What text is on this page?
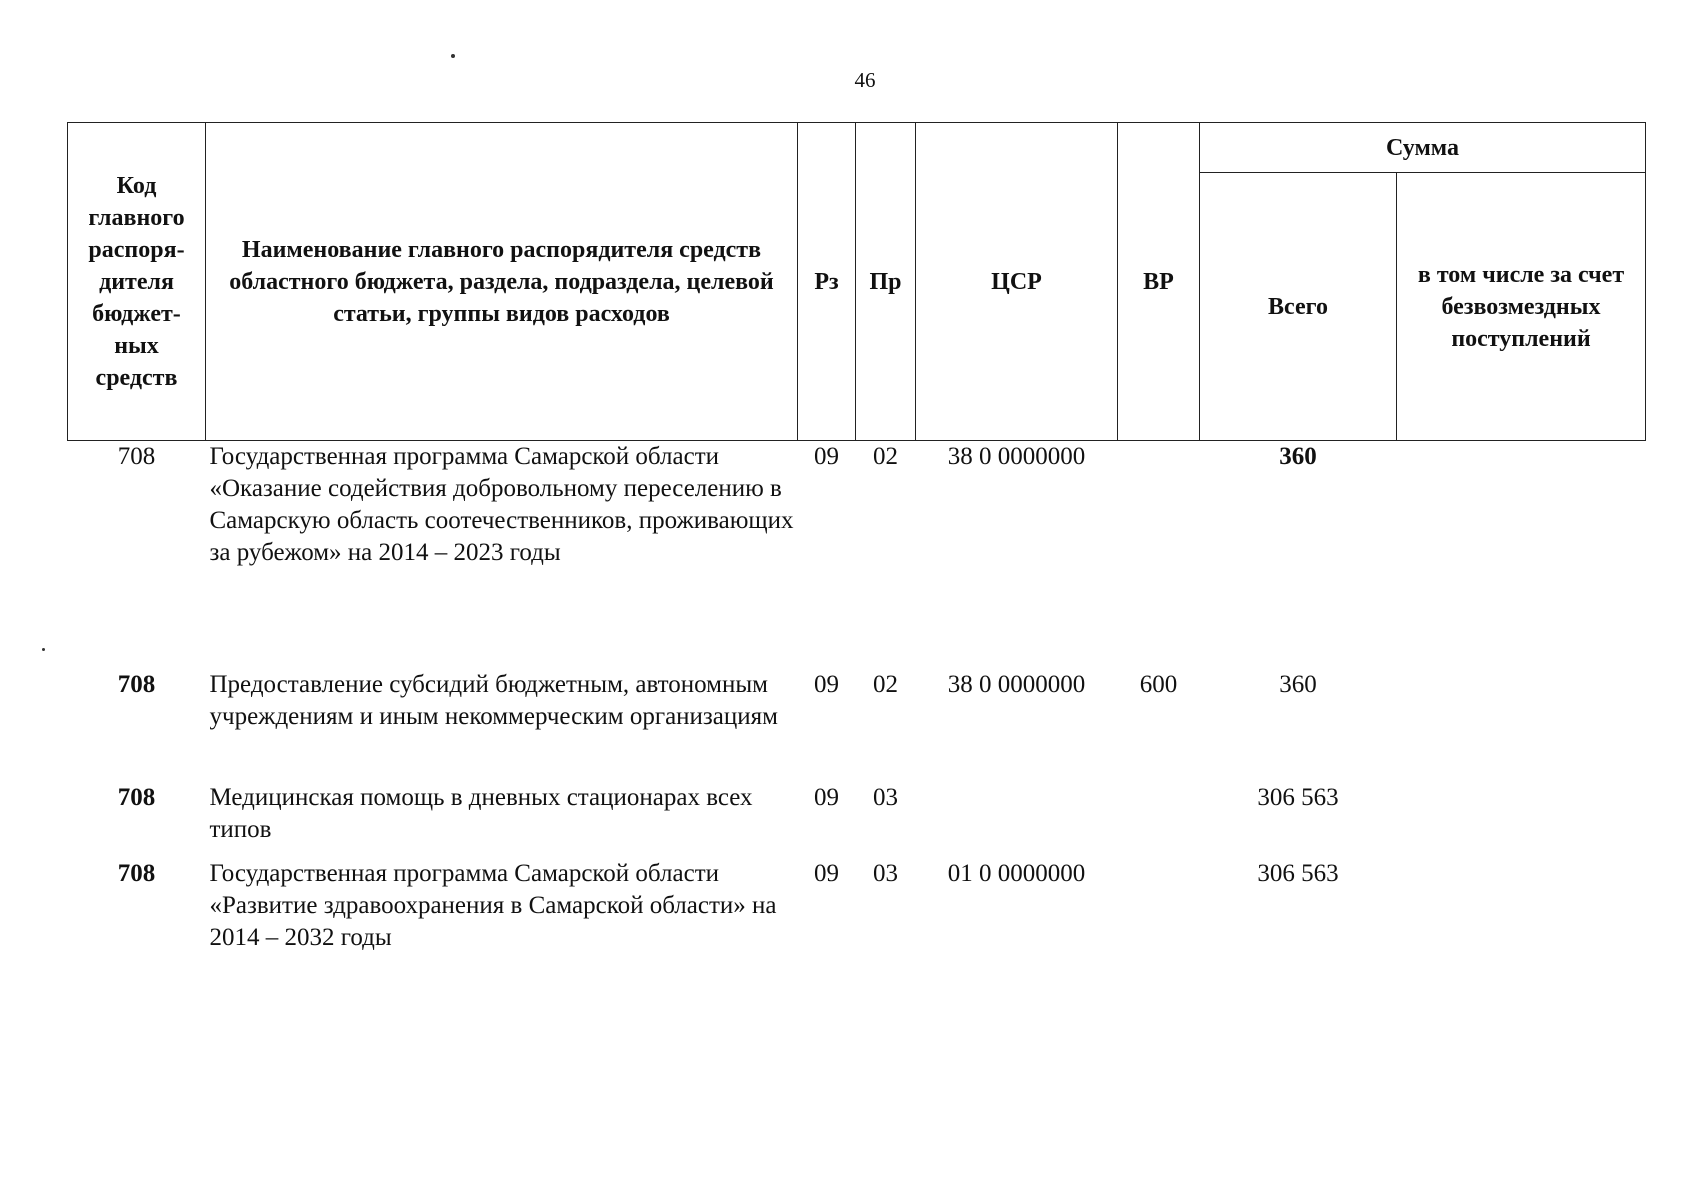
46
Код главного распоря-дителя бюджет-ных средств	Наименование главного распорядителя средств областного бюджета, раздела, подраздела, целевой статьи, группы видов расходов	Рз	Пр	ЦСР	ВР	Сумма	
						Всего	в том числе за счет безвозмездных поступлений
708	Государственная программа Самарской области «Оказание содействия добровольному переселению в Самарскую область соотечественников, проживающих за рубежом» на 2014 – 2023 годы	09	02	38 0 0000000		360	
708	Предоставление субсидий бюджетным, автономным учреждениям и иным некоммерческим организациям	09	02	38 0 0000000	600	360	
708	Медицинская помощь в дневных стационарах всех типов	09	03			306 563	
708	Государственная программа Самарской области «Развитие здравоохранения в Самарской области» на 2014 – 2032 годы	09	03	01 0 0000000		306 563	
